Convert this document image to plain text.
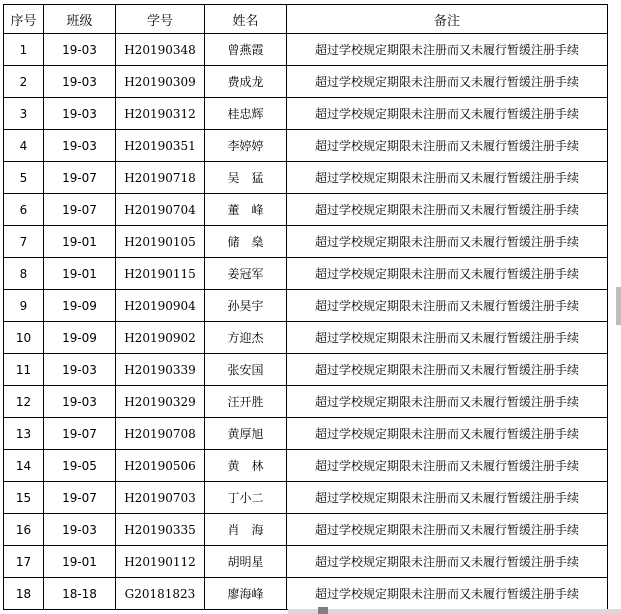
序号	班级	学号	姓名	备注
1	19-03	H20190348	曾燕霞	超过学校规定期限未注册而又未履行暂缓注册手续
2	19-03	H20190309	费成龙	超过学校规定期限未注册而又未履行暂缓注册手续
3	19-03	H20190312	桂忠辉	超过学校规定期限未注册而又未履行暂缓注册手续
4	19-03	H20190351	李婷婷	超过学校规定期限未注册而又未履行暂缓注册手续
5	19-07	H20190718	吴　猛	超过学校规定期限未注册而又未履行暂缓注册手续
6	19-07	H20190704	董　峰	超过学校规定期限未注册而又未履行暂缓注册手续
7	19-01	H20190105	储　燊	超过学校规定期限未注册而又未履行暂缓注册手续
8	19-01	H20190115	姜冠军	超过学校规定期限未注册而又未履行暂缓注册手续
9	19-09	H20190904	孙昊宇	超过学校规定期限未注册而又未履行暂缓注册手续
10	19-09	H20190902	方迎杰	超过学校规定期限未注册而又未履行暂缓注册手续
11	19-03	H20190339	张安国	超过学校规定期限未注册而又未履行暂缓注册手续
12	19-03	H20190329	汪开胜	超过学校规定期限未注册而又未履行暂缓注册手续
13	19-07	H20190708	黄厚旭	超过学校规定期限未注册而又未履行暂缓注册手续
14	19-05	H20190506	黄　林	超过学校规定期限未注册而又未履行暂缓注册手续
15	19-07	H20190703	丁小二	超过学校规定期限未注册而又未履行暂缓注册手续
16	19-03	H20190335	肖　海	超过学校规定期限未注册而又未履行暂缓注册手续
17	19-01	H20190112	胡明星	超过学校规定期限未注册而又未履行暂缓注册手续
18	18-18	G20181823	廖海峰	超过学校规定期限未注册而又未履行暂缓注册手续
